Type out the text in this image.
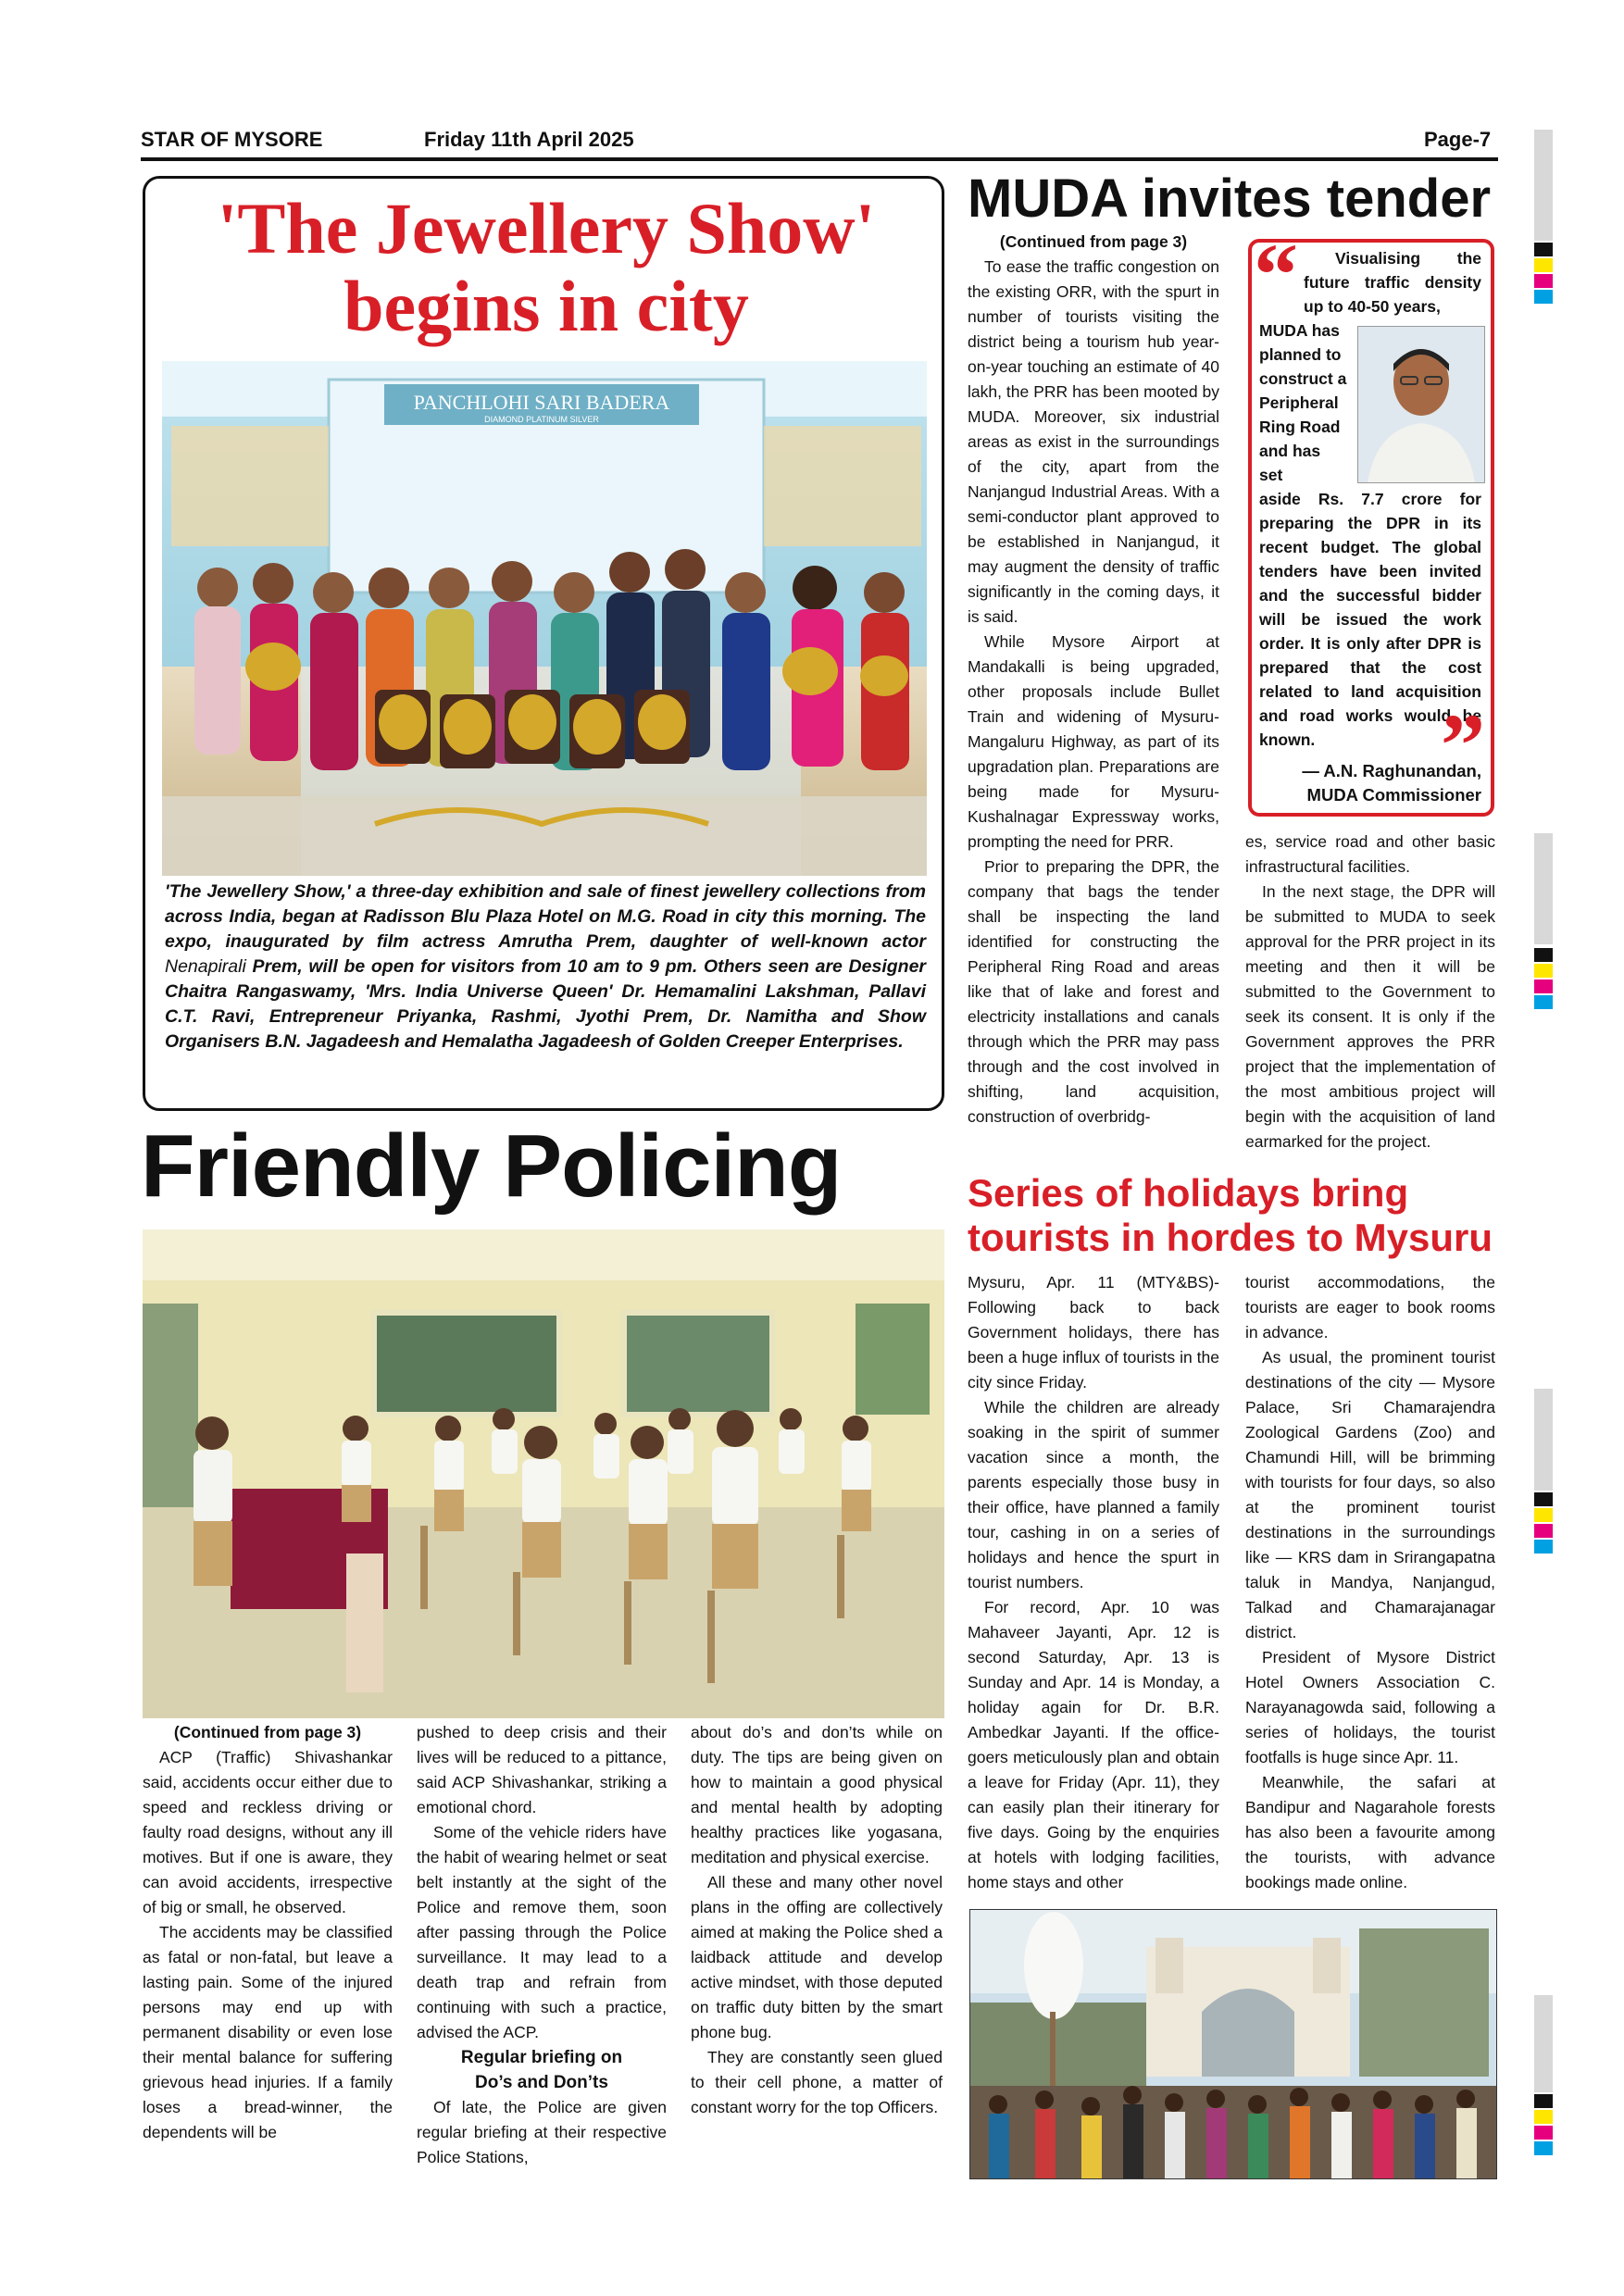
STAR OF MYSORE	Friday 11th April 2025	Page-7
'The Jewellery Show'
begins in city
PANCHLOHI SARI BADERA
DIAMOND PLATINUM SILVER
'The Jewellery Show,' a three-day exhibition and sale of finest jewellery collections from across India, began at Radisson Blu Plaza Hotel on M.G. Road in city this morning. The expo, inaugurated by film actress Amrutha Prem, daughter of well-known actor Nenapirali Prem, will be open for visitors from 10 am to 9 pm. Others seen are Designer Chaitra Rangaswamy, 'Mrs. India Universe Queen' Dr. Hemamalini Lakshman, Pallavi C.T. Ravi, Entrepreneur Priyanka, Rashmi, Jyothi Prem, Dr. Namitha and Show Organisers B.N. Jagadeesh and Hemalatha Jagadeesh of Golden Creeper Enterprises.
Friendly Policing

(Continued from page 3)

ACP (Traffic) Shivashankar said, accidents occur either due to speed and reckless driving or faulty road designs, without any ill motives. But if one is aware, they can avoid accidents, irrespective of big or small, he observed.

The accidents may be classified as fatal or non-fatal, but leave a lasting pain. Some of the injured persons may end up with permanent disability or even lose their mental balance for suffering grievous head injuries. If a family loses a bread-winner, the dependents will be

pushed to deep crisis and their lives will be reduced to a pittance, said ACP Shivashankar, striking a emotional chord.

Some of the vehicle riders have the habit of wearing helmet or seat belt instantly at the sight of the Police and remove them, soon after passing through the Police surveillance. It may lead to a death trap and refrain from continuing with such a practice, advised the ACP.

Regular briefing on

Do’s and Don’ts

Of late, the Police are given regular briefing at their respective Police Stations,

about do’s and don’ts while on duty. The tips are being given on how to maintain a good physical and mental health by adopting healthy practices like yogasana, meditation and physical exercise.

All these and many other novel plans in the offing are collectively aimed at making the Police shed a laidback attitude and develop active mindset, with those deputed on traffic duty bitten by the smart phone bug.

They are constantly seen glued to their cell phone, a matter of constant worry for the top Officers.

MUDA invites tender

(Continued from page 3)

To ease the traffic congestion on the existing ORR, with the spurt in number of tourists visiting the district being a tourism hub year-on-year touching an estimate of 40 lakh, the PRR has been mooted by MUDA. Moreover, six industrial areas as exist in the surroundings of the city, apart from the Nanjangud Industrial Areas. With a semi-conductor plant approved to be established in Nanjangud, it may augment the density of traffic significantly in the coming days, it is said.

While Mysore Airport at Mandakalli is being upgraded, other proposals include Bullet Train and widening of Mysuru-Mangaluru Highway, as part of its upgradation plan. Preparations are being made for Mysuru-Kushalnagar Expressway works, prompting the need for PRR.

Prior to preparing the DPR, the company that bags the tender shall be inspecting the land identified for constructing the Peripheral Ring Road and areas like that of lake and forest and electricity installations and canals through which the PRR may pass through and the cost involved in shifting, land acquisition, construction of overbridg-

“	Visualising the future traffic density up to 40-50 years,
MUDA has planned to construct a Peripheral Ring Road and has set
aside Rs. 7.7 crore for preparing the DPR in its recent budget. The global tenders have been invited and the successful bidder will be issued the work order. It is only after DPR is prepared that the cost related to land acquisition and road works would be known.	”
— A.N. Raghunandan,
MUDA Commissioner

es, service road and other basic infrastructural facilities.

In the next stage, the DPR will be submitted to MUDA to seek approval for the PRR project in its meeting and then it will be submitted to the Government to seek its consent. It is only if the Government approves the PRR project that the implementation of the most ambitious project will begin with the acquisition of land earmarked for the project.

Series of holidays bring
tourists in hordes to Mysuru

Mysuru, Apr. 11 (MTY&BS)- Following back to back Government holidays, there has been a huge influx of tourists in the city since Friday.

While the children are already soaking in the spirit of summer vacation since a month, the parents especially those busy in their office, have planned a family tour, cashing in on a series of holidays and hence the spurt in tourist numbers.

For record, Apr. 10 was Mahaveer Jayanti, Apr. 12 is second Saturday, Apr. 13 is Sunday and Apr. 14 is Monday, a holiday again for Dr. B.R. Ambedkar Jayanti. If the office-goers meticulously plan and obtain a leave for Friday (Apr. 11), they can easily plan their itinerary for five days. Going by the enquiries at hotels with lodging facilities, home stays and other

tourist accommodations, the tourists are eager to book rooms in advance.

As usual, the prominent tourist destinations of the city — Mysore Palace, Sri Chamarajendra Zoological Gardens (Zoo) and Chamundi Hill, will be brimming with tourists for four days, so also at the prominent tourist destinations in the surroundings like — KRS dam in Srirangapatna taluk in Mandya, Nanjangud, Talkad and Chamarajanagar district.

President of Mysore District Hotel Owners Association C. Narayanagowda said, following a series of holidays, the tourist footfalls is huge since Apr. 11.

Meanwhile, the safari at Bandipur and Nagarahole forests has also been a favourite among the tourists, with advance bookings made online.
